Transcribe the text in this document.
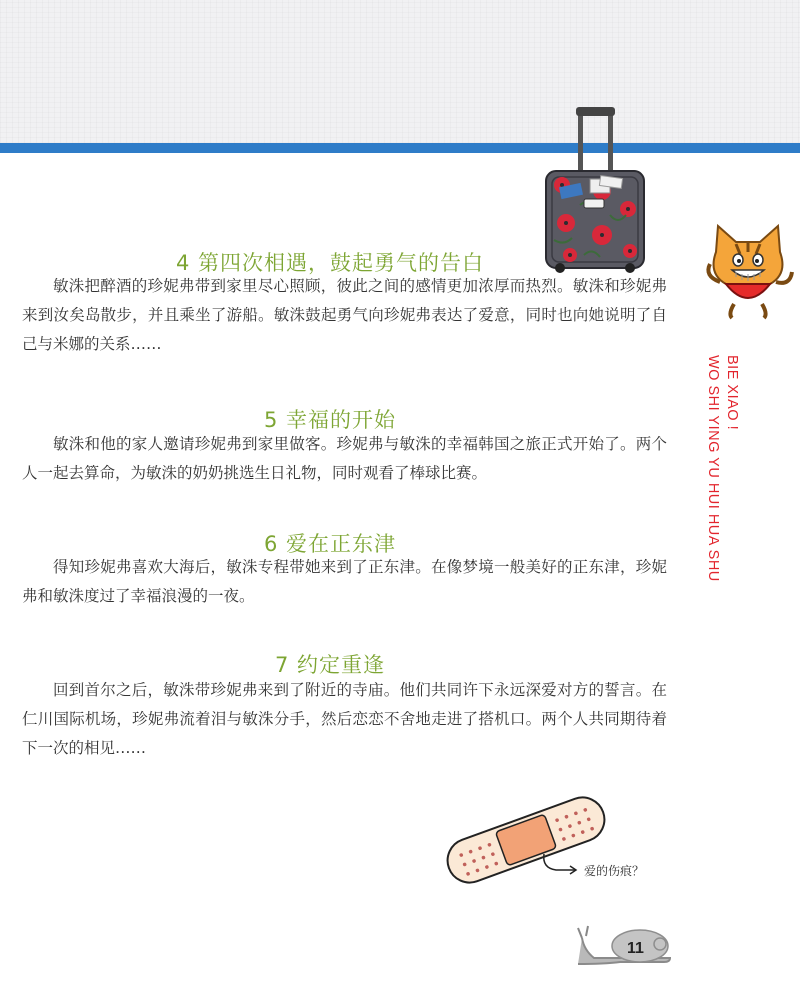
BIE XIAO !
WO SHI YING YU HUI HUA SHU
4 第四次相遇，鼓起勇气的告白

敏洙把醉酒的珍妮弗带到家里尽心照顾，彼此之间的感情更加浓厚而热烈。敏洙和珍妮弗来到汝矣岛散步，并且乘坐了游船。敏洙鼓起勇气向珍妮弗表达了爱意，同时也向她说明了自己与米娜的关系……

5 幸福的开始

敏洙和他的家人邀请珍妮弗到家里做客。珍妮弗与敏洙的幸福韩国之旅正式开始了。两个人一起去算命，为敏洙的奶奶挑选生日礼物，同时观看了棒球比赛。

6 爱在正东津

得知珍妮弗喜欢大海后，敏洙专程带她来到了正东津。在像梦境一般美好的正东津，珍妮弗和敏洙度过了幸福浪漫的一夜。

7 约定重逢

回到首尔之后，敏洙带珍妮弗来到了附近的寺庙。他们共同许下永远深爱对方的誓言。在仁川国际机场，珍妮弗流着泪与敏洙分手，然后恋恋不舍地走进了搭机口。两个人共同期待着下一次的相见……

爱的伤痕？
11
